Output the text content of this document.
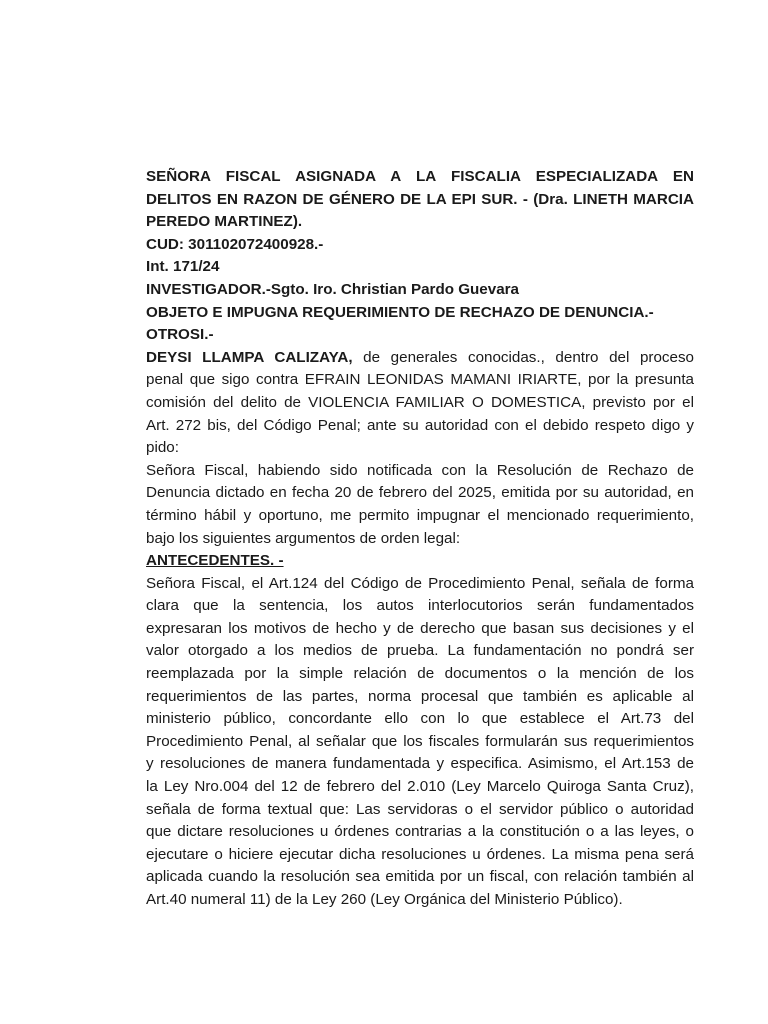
SEÑORA FISCAL ASIGNADA A LA FISCALIA ESPECIALIZADA EN
DELITOS EN RAZON DE GÉNERO DE LA EPI SUR. - (Dra. LINETH MARCIA
PEREDO MARTINEZ).
CUD: 301102072400928.-
Int. 171/24
INVESTIGADOR.-Sgto. Iro. Christian Pardo Guevara
OBJETO E IMPUGNA REQUERIMIENTO DE RECHAZO DE DENUNCIA.-
OTROSI.-
DEYSI LLAMPA CALIZAYA, de generales conocidas., dentro del proceso
penal que sigo contra EFRAIN LEONIDAS MAMANI IRIARTE, por la presunta
comisión del delito de VIOLENCIA FAMILIAR O DOMESTICA, previsto por el
Art. 272 bis, del Código Penal; ante su autoridad con el debido respeto digo y
pido:
Señora Fiscal, habiendo sido notificada con la Resolución de Rechazo de
Denuncia dictado en fecha 20 de febrero del 2025, emitida por su autoridad, en
término hábil y oportuno, me permito impugnar el mencionado requerimiento,
bajo los siguientes argumentos de orden legal:
ANTECEDENTES. -
Señora Fiscal, el Art.124 del Código de Procedimiento Penal, señala de forma
clara que la sentencia, los autos interlocutorios serán fundamentados
expresaran los motivos de hecho y de derecho que basan sus decisiones y el
valor otorgado a los medios de prueba. La fundamentación no pondrá ser
reemplazada por la simple relación de documentos o la mención de los
requerimientos de las partes, norma procesal que también es aplicable al
ministerio público, concordante ello con lo que establece el Art.73 del
Procedimiento Penal, al señalar que los fiscales formularán sus requerimientos
y resoluciones de manera fundamentada y especifica. Asimismo, el Art.153 de
la Ley Nro.004 del 12 de febrero del 2.010 (Ley Marcelo Quiroga Santa Cruz),
señala de forma textual que: Las servidoras o el servidor público o autoridad
que dictare resoluciones u órdenes contrarias a la constitución o a las leyes, o
ejecutare o hiciere ejecutar dicha resoluciones u órdenes. La misma pena será
aplicada cuando la resolución sea emitida por un fiscal, con relación también al
Art.40 numeral 11) de la Ley 260 (Ley Orgánica del Ministerio Público).
